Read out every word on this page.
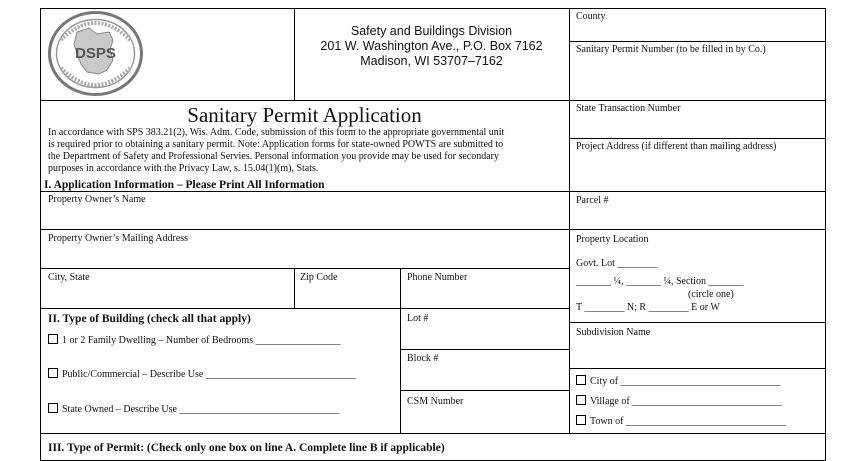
DSPS
Safety and Buildings Division
201 W. Washington Ave., P.O. Box 7162
Madison, WI 53707–7162
Sanitary Permit Application
In accordance with SPS 383.21(2), Wis. Adm. Code, submission of this form to the appropriate governmental unit
is required prior to obtaining a sanitary permit. Note: Application forms for state-owned POWTS are submitted to
the Department of Safety and Professional Servies. Personal information you provide may be used for secondary
purposes in accordance with the Privacy Law, s. 15.04(1)(m), Stats.
I. Application Information – Please Print All Information
County
Sanitary Permit Number (to be filled in by Co.)
State Transaction Number
Project Address (if different than mailing address)
Parcel #
Property Location
Govt. Lot ________
_______ ¼, _______ ¼, Section _______
(circle one)
T ________ N; R ________ E or W
Subdivision Name
City of ________________________________
Village of ______________________________
Town of ________________________________
Property Owner’s Name
Property Owner’s Mailing Address
City, State	Zip Code	Phone Number
II. Type of Building (check all that apply)
1 or 2 Family Dwelling – Number of Bedrooms _________________
Public/Commercial – Describe Use ______________________________
State Owned – Describe Use ________________________________
Lot #
Block #
CSM Number
III. Type of Permit: (Check only one box on line A. Complete line B if applicable)
